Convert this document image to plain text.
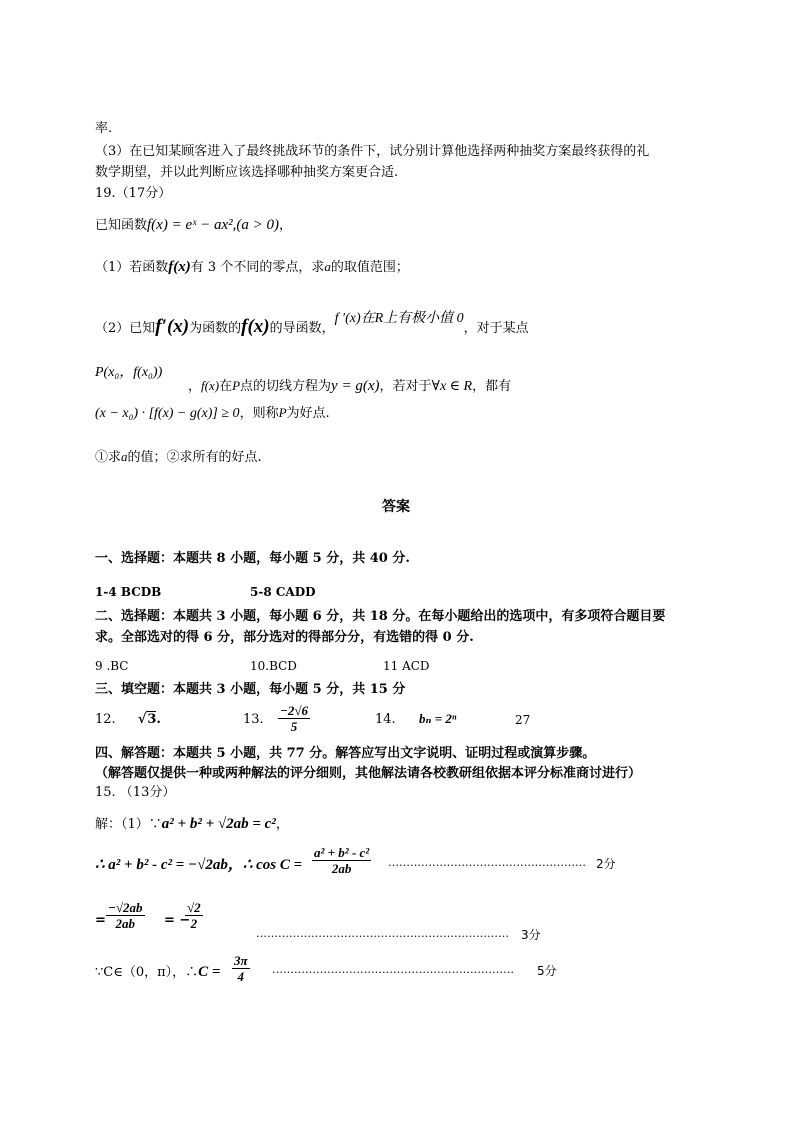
率.
（3）在已知某顾客进入了最终挑战环节的条件下，试分别计算他选择两种抽奖方案最终获得的礼
数学期望，并以此判断应该选择哪种抽奖方案更合适.
19.（17分）
已知函数f(x) = eˣ − ax²,(a > 0)，
（1）若函数f(x)有 3 个不同的零点，求a的取值范围；
（2）已知f′(x)为函数的f(x)的导函数，f ′(x)在R上有极小值 0，对于某点
P(x₀，f(x₀))
，f(x)在P点的切线方程为y = g(x)，若对于∀x ∈ R，都有
(x − x₀) · [f(x) − g(x)] ≥ 0，则称P为好点.
①求a的值；②求所有的好点.
答案
一、选择题：本题共 8 小题，每小题 5 分，共 40 分.
1-4 BCDB	5-8 CADD
二、选择题：本题共 3 小题，每小题 6 分，共 18 分。在每小题给出的选项中，有多项符合题目要
求。全部选对的得 6 分，部分选对的得部分分，有选错的得 0 分.
9 .BC	10.BCD	11 ACD
三、填空题：本题共 3 小题，每小题 5 分，共 15 分
12. √3.	13. $\frac{-2√6}{5}$	14. bₙ = 2ⁿ	27
四、解答题：本题共 5 小题，共 77 分。解答应写出文字说明、证明过程或演算步骤。
（解答题仅提供一种或两种解法的评分细则，其他解法请各校教研组依据本评分标准商讨进行）
15. （13分）
解：（1）∵a² + b² + √2ab = c²，
∴ a² + b² - c² = −√2ab，∴ $\cos C = \frac{\text{a² + b² - c²}}{2ab}$ ……………………………………………… 2分
= $\frac{-√2ab}{2ab}$ = −
$\frac{√2}{2}$
…………………………………………………………… 3分
∵C∈（0，π），∴C = $\frac{3\pi}{4}$ ………………………………………………………… 5分
